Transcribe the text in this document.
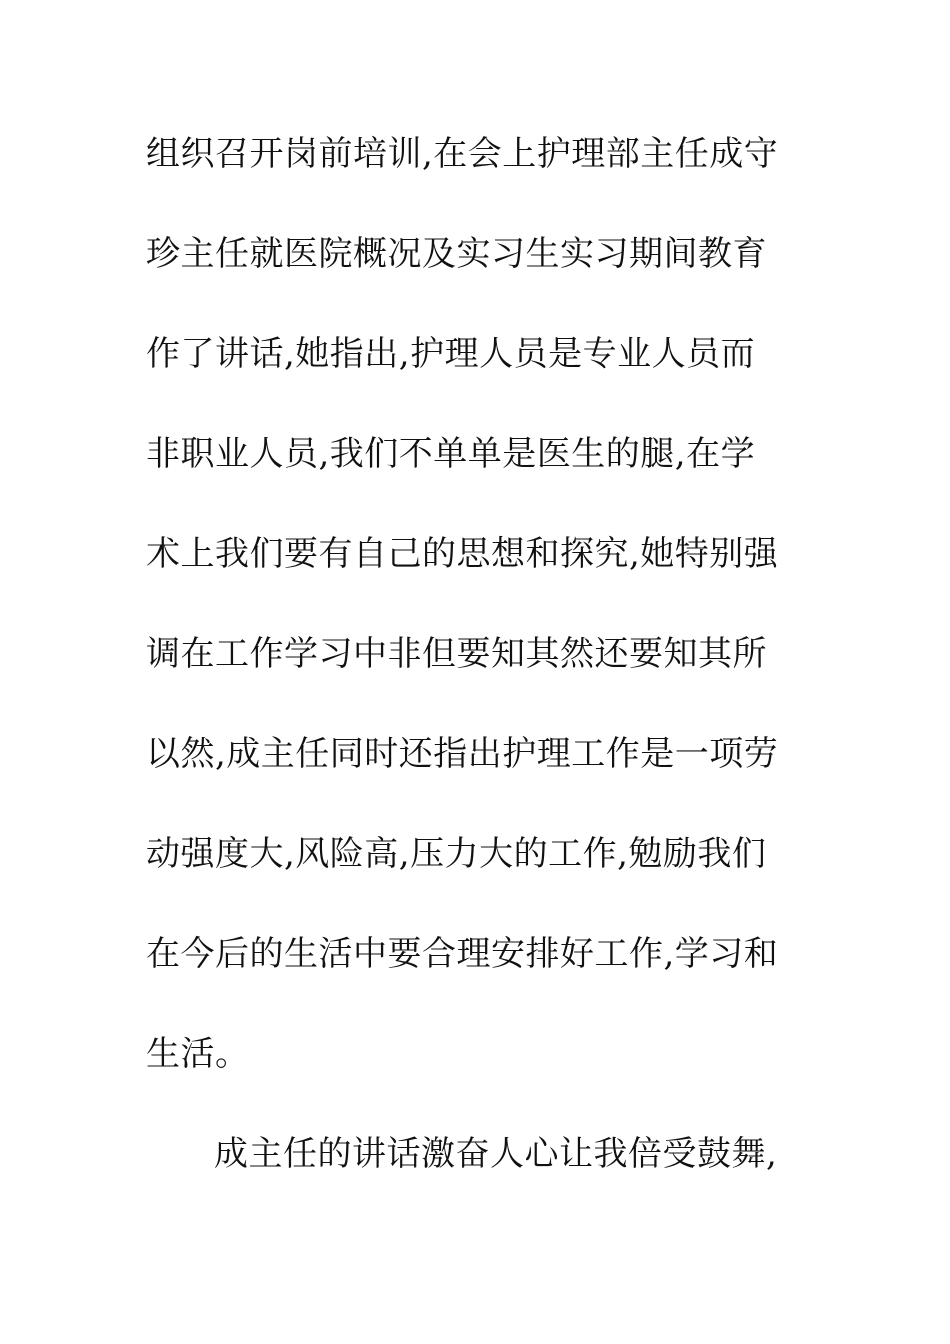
组织召开岗前培训,在会上护理部主任成守
珍主任就医院概况及实习生实习期间教育
作了讲话,她指出,护理人员是专业人员而
非职业人员,我们不单单是医生的腿,在学
术上我们要有自己的思想和探究,她特别强
调在工作学习中非但要知其然还要知其所
以然,成主任同时还指出护理工作是一项劳
动强度大,风险高,压力大的工作,勉励我们
在今后的生活中要合理安排好工作,学习和
生活。
成主任的讲话激奋人心让我倍受鼓舞,
